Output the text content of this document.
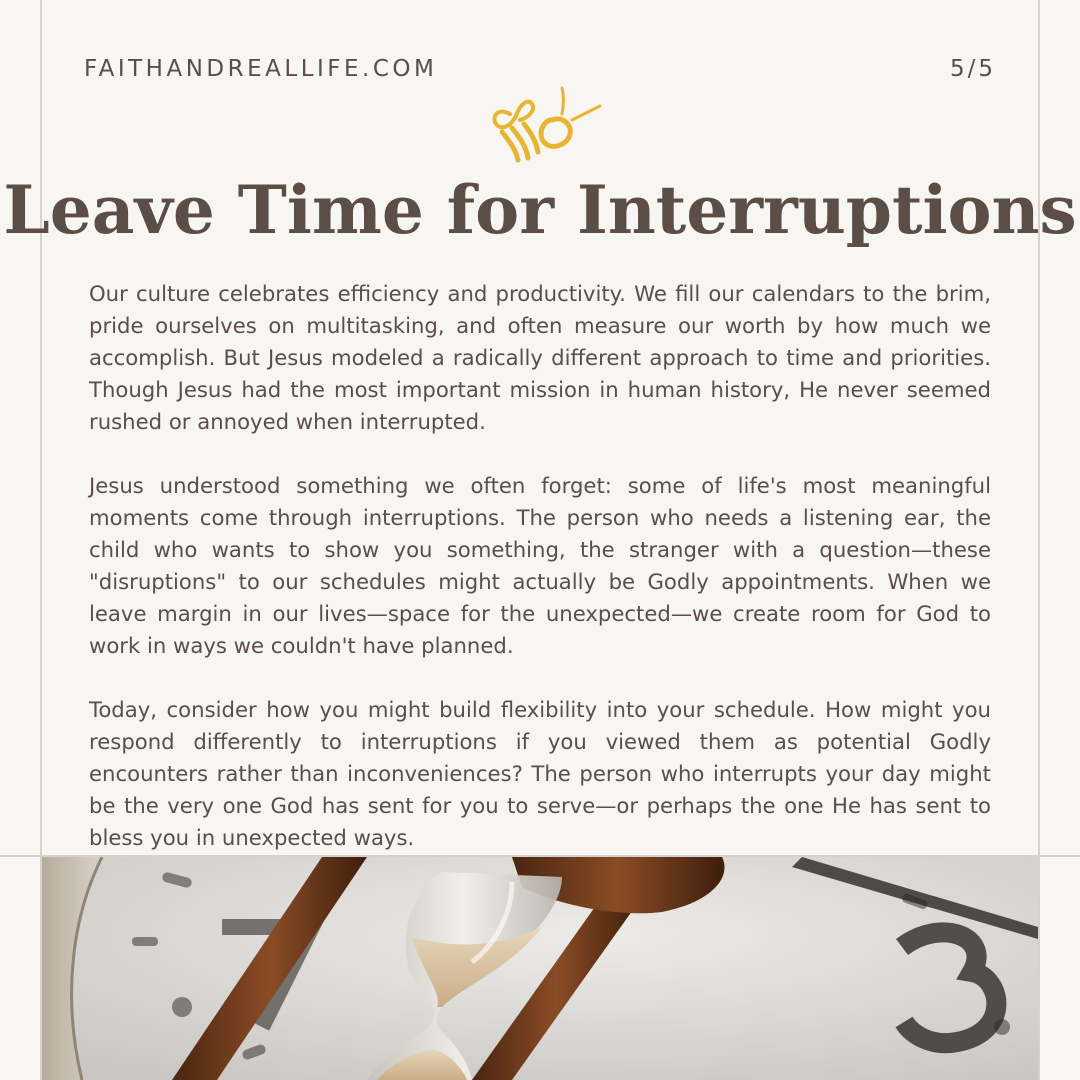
FAITHANDREALLIFE.COM	5/5
Leave Time for Interruptions

Our culture celebrates efficiency and productivity. We fill our calendars to the brim, pride ourselves on multitasking, and often measure our worth by how much we accomplish. But Jesus modeled a radically different approach to time and priorities. Though Jesus had the most important mission in human history, He never seemed rushed or annoyed when interrupted.

Jesus understood something we often forget: some of life's most meaningful moments come through interruptions. The person who needs a listening ear, the child who wants to show you something, the stranger with a question—these "disruptions" to our schedules might actually be Godly appointments. When we leave margin in our lives—space for the unexpected—we create room for God to work in ways we couldn't have planned.

Today, consider how you might build flexibility into your schedule. How might you respond differently to interruptions if you viewed them as potential Godly encounters rather than inconveniences? The person who interrupts your day might be the very one God has sent for you to serve—or perhaps the one He has sent to bless you in unexpected ways.
